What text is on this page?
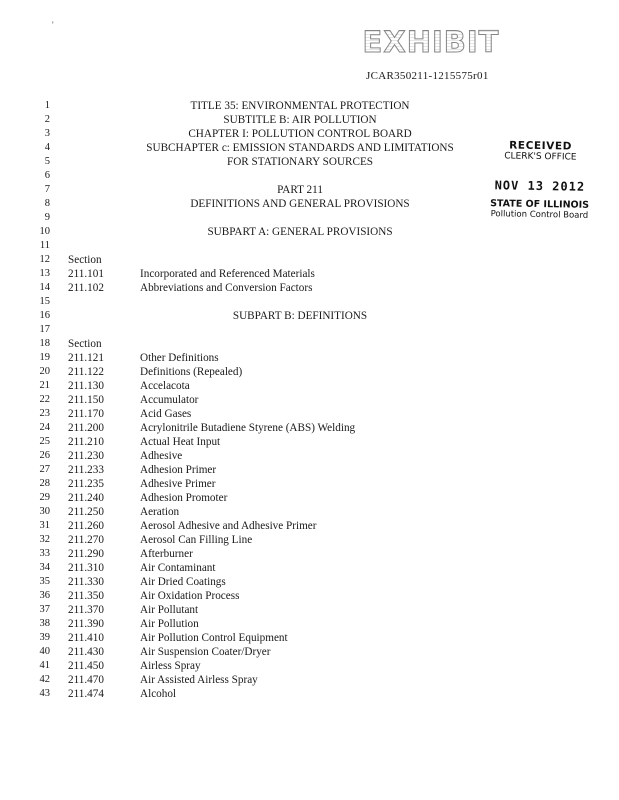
'	EXHIBIT
JCAR350211-1215575r01
RECEIVED
CLERK'S OFFICE
NOV 13 2012
STATE OF ILLINOIS
Pollution Control Board
1	TITLE 35: ENVIRONMENTAL PROTECTION
2	SUBTITLE B: AIR POLLUTION
3	CHAPTER I: POLLUTION CONTROL BOARD
4	SUBCHAPTER c: EMISSION STANDARDS AND LIMITATIONS
5	FOR STATIONARY SOURCES
6
7	PART 211
8	DEFINITIONS AND GENERAL PROVISIONS
9
10	SUBPART A: GENERAL PROVISIONS
11
12 Section
13 211.101	Incorporated and Referenced Materials
14 211.102	Abbreviations and Conversion Factors
15
16	SUBPART B: DEFINITIONS
17
18 Section
19 211.121	Other Definitions
20 211.122	Definitions (Repealed)
21 211.130	Accelacota
22 211.150	Accumulator
23 211.170	Acid Gases
24 211.200	Acrylonitrile Butadiene Styrene (ABS) Welding
25 211.210	Actual Heat Input
26 211.230	Adhesive
27 211.233	Adhesion Primer
28 211.235	Adhesive Primer
29 211.240	Adhesion Promoter
30 211.250	Aeration
31 211.260	Aerosol Adhesive and Adhesive Primer
32 211.270	Aerosol Can Filling Line
33 211.290	Afterburner
34 211.310	Air Contaminant
35 211.330	Air Dried Coatings
36 211.350	Air Oxidation Process
37 211.370	Air Pollutant
38 211.390	Air Pollution
39 211.410	Air Pollution Control Equipment
40 211.430	Air Suspension Coater/Dryer
41 211.450	Airless Spray
42 211.470	Air Assisted Airless Spray
43 211.474	Alcohol
